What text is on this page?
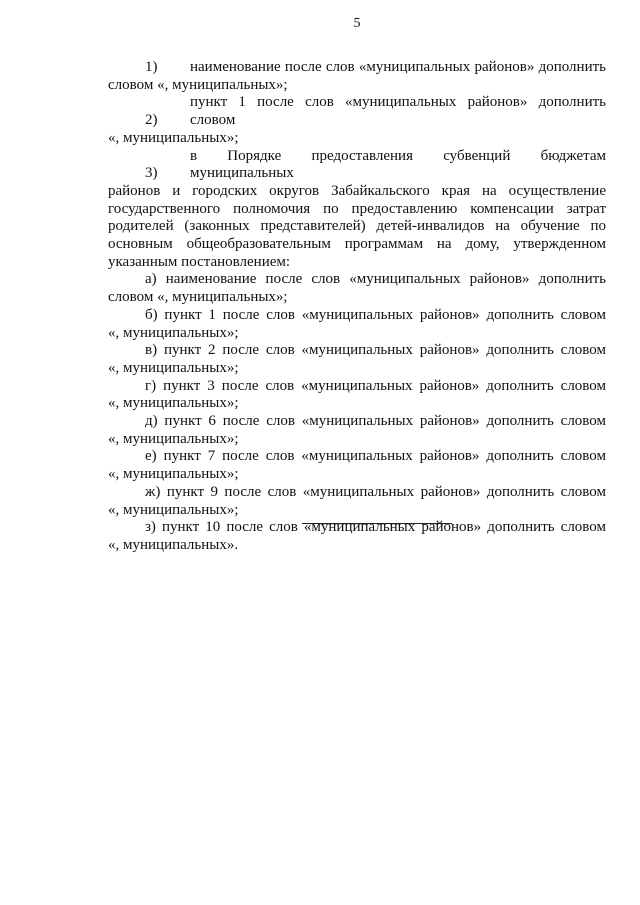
5
1) наименование после слов «муниципальных районов» дополнить
словом «, муниципальных»;
2)пункт 1 после слов «муниципальных районов» дополнить словом
«, муниципальных»;
3)в Порядке предоставления субвенций бюджетам муниципальных
районов и городских округов Забайкальского края на осуществление
государственного полномочия по предоставлению компенсации затрат
родителей (законных представителей) детей-инвалидов на обучение по
основным общеобразовательным программам на дому, утвержденном
указанным постановлением:
а) наименование после слов «муниципальных районов» дополнить
словом «, муниципальных»;
б) пункт 1 после слов «муниципальных районов» дополнить словом
«, муниципальных»;
в) пункт 2 после слов «муниципальных районов» дополнить словом
«, муниципальных»;
г) пункт 3 после слов «муниципальных районов» дополнить словом
«, муниципальных»;
д) пункт 6 после слов «муниципальных районов» дополнить словом
«, муниципальных»;
е) пункт 7 после слов «муниципальных районов» дополнить словом
«, муниципальных»;
ж) пункт 9 после слов «муниципальных районов» дополнить словом
«, муниципальных»;
з) пункт 10 после слов «муниципальных районов» дополнить словом
«, муниципальных».
